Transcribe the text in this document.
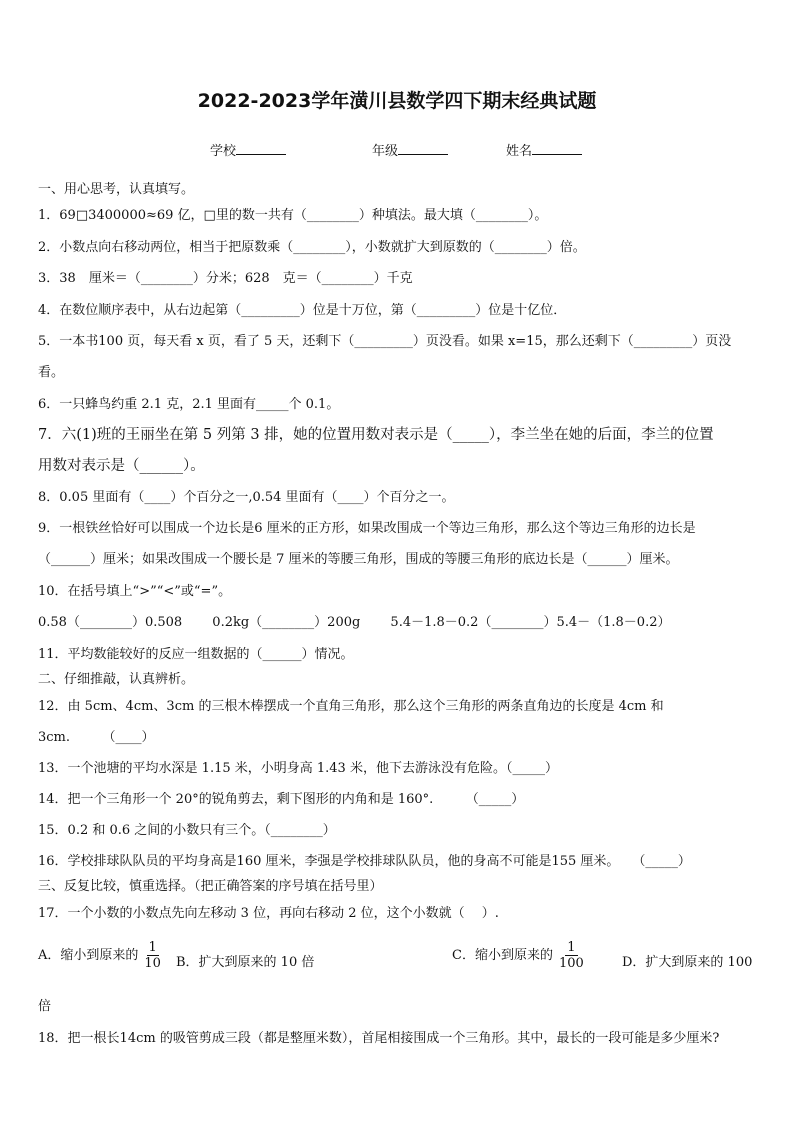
2022-2023学年潢川县数学四下期末经典试题
学校	年级	姓名
一、用心思考，认真填写。
1．69□3400000≈69 亿，□里的数一共有（________）种填法。最大填（________）。
2．小数点向右移动两位，相当于把原数乘（________），小数就扩大到原数的（________）倍。
3．38　厘米＝（________）分米；628　克＝（________）千克
4．在数位顺序表中，从右边起第（_________）位是十万位，第（_________）位是十亿位．
5．一本书100 页，每天看 x 页，看了 5 天，还剩下（_________）页没看。如果 x=15，那么还剩下（_________）页没
看。
6．一只蜂鸟约重 2.1 克，2.1 里面有_____个 0.1。
7．六(1)班的王丽坐在第 5 列第 3 排，她的位置用数对表示是（_____），李兰坐在她的后面，李兰的位置
用数对表示是（______）。
8．0.05 里面有（____）个百分之一,0.54 里面有（____）个百分之一。
9．一根铁丝恰好可以围成一个边长是6 厘米的正方形，如果改围成一个等边三角形，那么这个等边三角形的边长是
（______）厘米；如果改围成一个腰长是 7 厘米的等腰三角形，围成的等腰三角形的底边长是（______）厘米。
10．在括号填上“>”“<”或“=”。
0.58（________）0.508　　 0.2kg（________）200g　　 5.4－1.8－0.2（________）5.4－（1.8－0.2）
11．平均数能较好的反应一组数据的（______）情况。
二、仔细推敲，认真辨析。
12．由 5cm、4cm、3cm 的三根木棒摆成一个直角三角形，那么这个三角形的两条直角边的长度是 4cm 和
3cm.　　　（____）
13．一个池塘的平均水深是 1.15 米，小明身高 1.43 米，他下去游泳没有危险。（_____）
14．把一个三角形一个 20°的锐角剪去，剩下图形的内角和是 160°.　　　（_____）
15．0.2 和 0.6 之间的小数只有三个。（________）
16．学校排球队队员的平均身高是160 厘米，李强是学校排球队队员，他的身高不可能是155 厘米。　　（_____）
三、反复比较，慎重选择。（把正确答案的序号填在括号里）
17．一个小数的小数点先向左移动 3 位，再向右移动 2 位，这个小数就（　 ）.
A．缩小到原来的 $\frac{1}{10}$ B．扩大到原来的 10 倍	C．缩小到原来的 $\frac{1}{100}$	D．扩大到原来的 100
倍
18．把一根长14cm 的吸管剪成三段（都是整厘米数），首尾相接围成一个三角形。其中，最长的一段可能是多少厘米?
